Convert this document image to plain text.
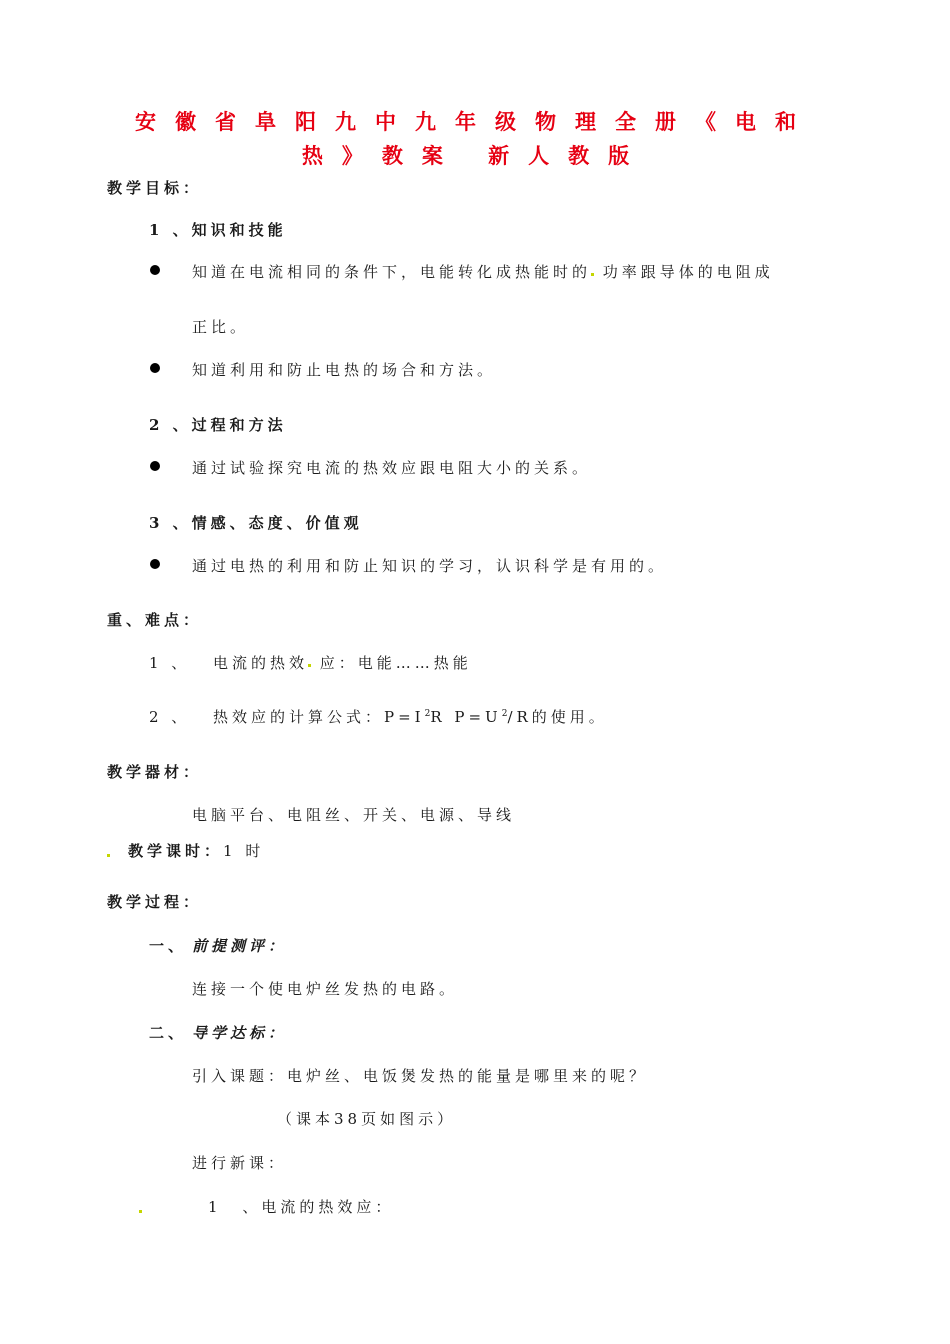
安徽省阜阳九中九年级物理全册《电和
热》教案 新人教版
教学目标：
1 、知识和技能
知道在电流相同的条件下，电能转化成热能时的 功率跟导体的电阻成
正比。
知道利用和防止电热的场合和方法。
2 、过程和方法
通过试验探究电流的热效应跟电阻大小的关系。
3 、情感、态度、价值观
通过电热的利用和防止知识的学习，认识科学是有用的。
重、难点：
1 、 电流的热效 应：电能……热能
2 、 热效应的计算公式：$P=I^2R$ $P=U^2/R$的使用。
教学器材：
电脑平台、电阻丝、开关、电源、导线
教学课时：1 时
教学过程：
一、 前提测评：
连接一个使电炉丝发热的电路。
二、 导学达标：
引入课题：电炉丝、电饭煲发热的能量是哪里来的呢？
（课本38页如图示）
进行新课：
1 、电流的热效应：
